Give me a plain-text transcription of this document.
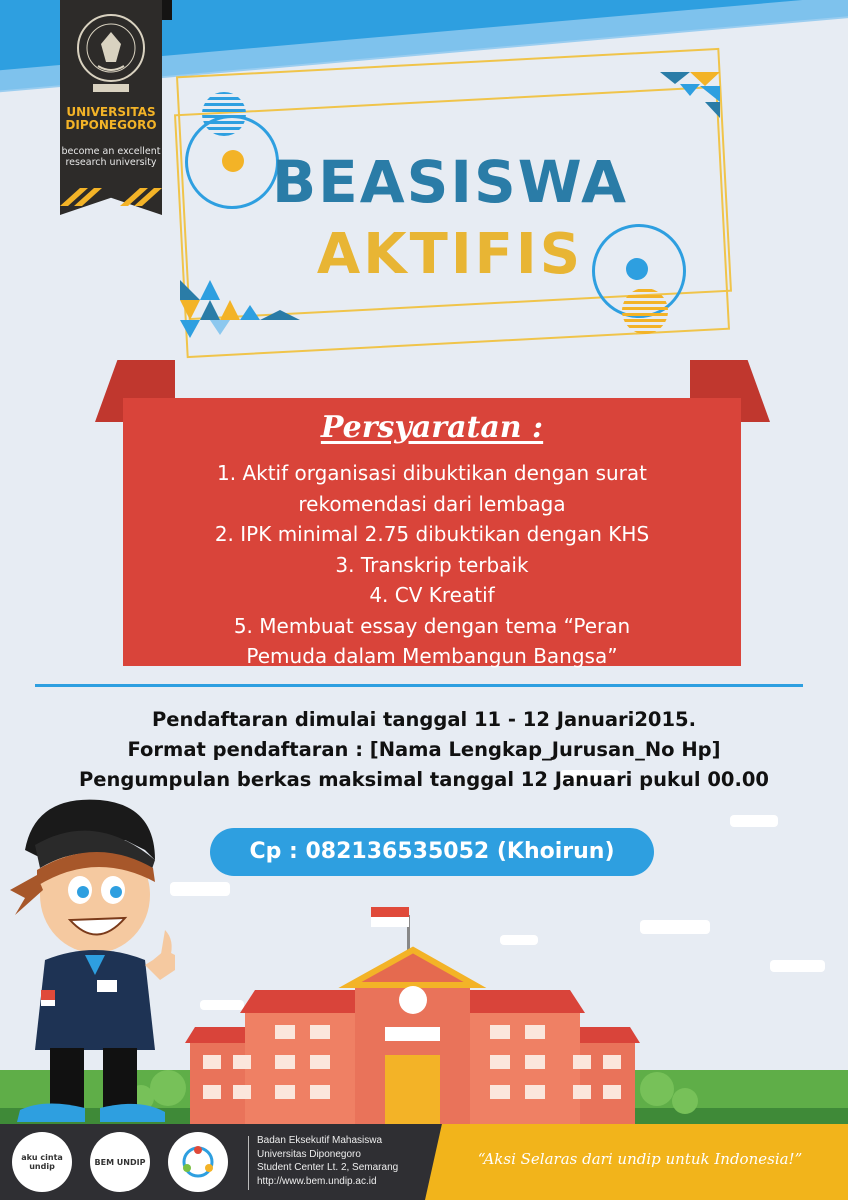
UNIVERSITAS
DIPONEGORO
become an excellent research university BEASISWA
AKTIFIS
Persyaratan :
1. Aktif organisasi dibuktikan dengan surat rekomendasi dari lembaga
2. IPK minimal 2.75 dibuktikan dengan KHS
3. Transkrip terbaik
4. CV Kreatif
5. Membuat essay dengan tema “Peran Pemuda dalam Membangun Bangsa”
Pendaftaran dimulai tanggal 11 - 12 Januari2015.
Format pendaftaran : [Nama Lengkap_Jurusan_No Hp]
Pengumpulan berkas maksimal tanggal 12 Januari pukul 00.00
Cp : 082136535052 (Khoirun)
aku cinta undip	BEM UNDIP
Badan Eksekutif Mahasiswa
Universitas Diponegoro
Student Center Lt. 2, Semarang
http://www.bem.undip.ac.id
“Aksi Selaras dari undip untuk Indonesia!”
